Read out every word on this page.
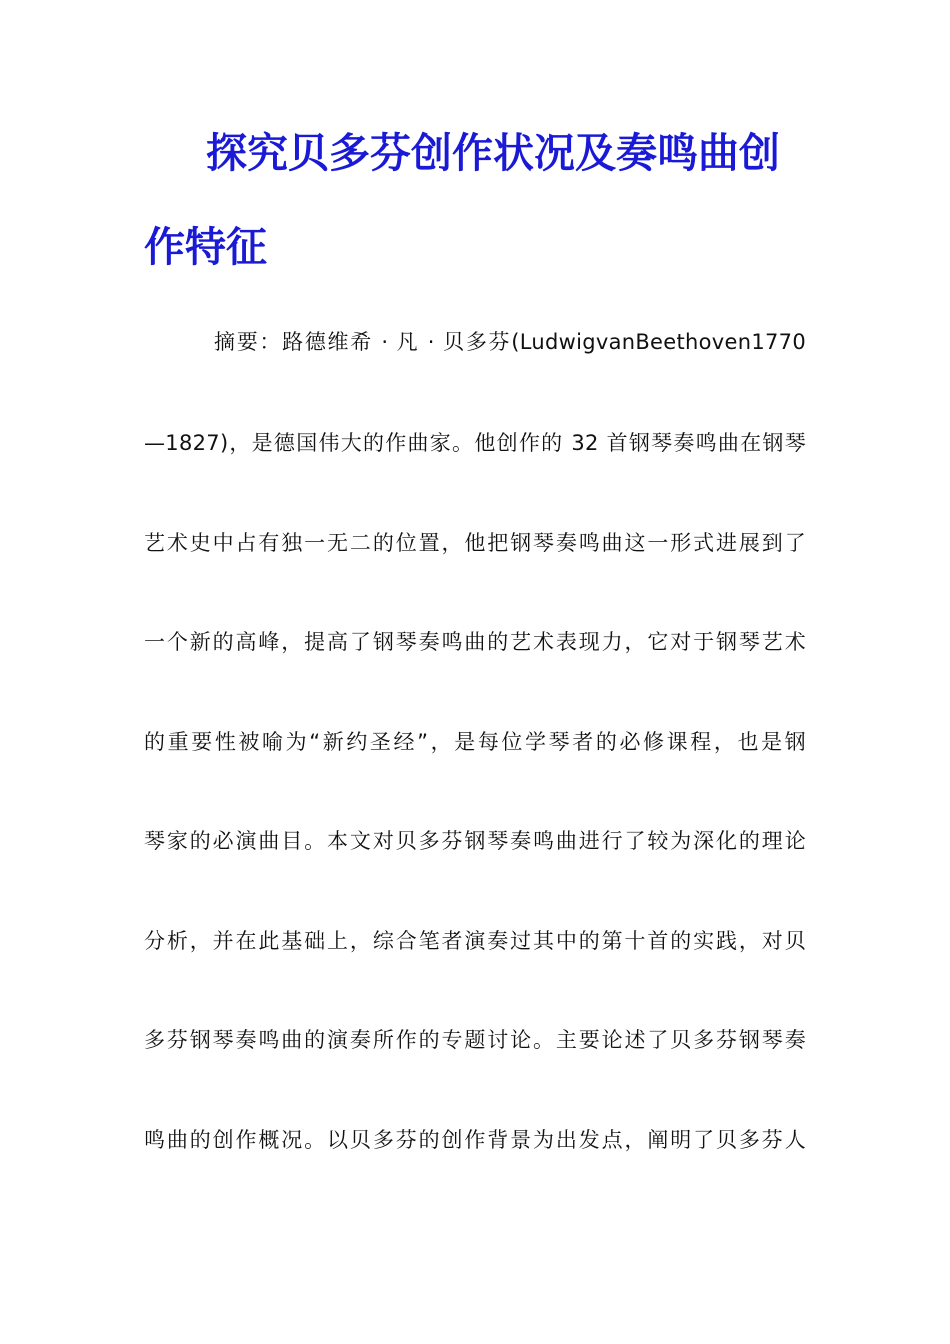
探究贝多芬创作状况及奏鸣曲创
作特征
摘要：路德维希 · 凡 · 贝多芬(LudwigvanBeethoven1770
—1827)，是德国伟大的作曲家。他创作的 32 首钢琴奏鸣曲在钢琴
艺术史中占有独一无二的位置，他把钢琴奏鸣曲这一形式进展到了
一个新的高峰，提高了钢琴奏鸣曲的艺术表现力，它对于钢琴艺术
的重要性被喻为“新约圣经”，是每位学琴者的必修课程，也是钢
琴家的必演曲目。本文对贝多芬钢琴奏鸣曲进行了较为深化的理论
分析，并在此基础上，综合笔者演奏过其中的第十首的实践，对贝
多芬钢琴奏鸣曲的演奏所作的专题讨论。主要论述了贝多芬钢琴奏
鸣曲的创作概况。以贝多芬的创作背景为出发点，阐明了贝多芬人
